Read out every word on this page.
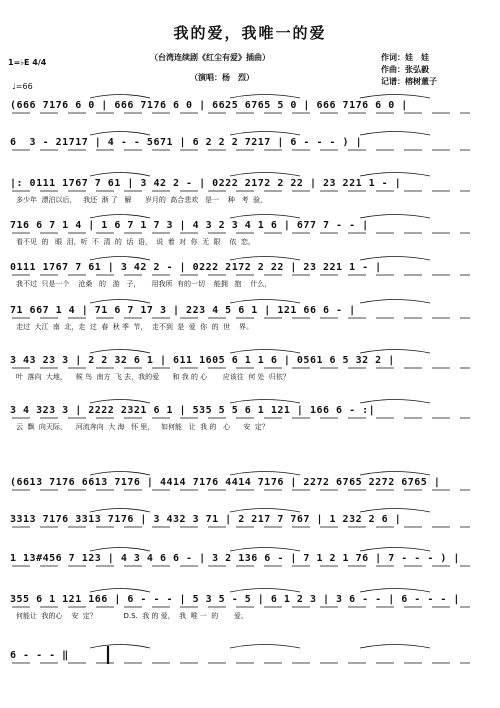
我的爱，我唯一的爱
（台湾连续剧《红尘有爱》插曲）
（演唱：杨　烈）
作词：娃　娃
作曲：张弘毅
记谱：榕树董子
1=♭E 4/4
♩=66
(666 7176 6 0 | 666 7176 6 0 | 6625 6765 5 0 | 666 7176 6 0 |
6  3 - 21717 | 4 - - 5671 | 6 2 2 2 7217 | 6 - - - ) |
|: 0111 1767 7 61 | 3 42 2 - | 0222 2172 2 22 | 23 221 1 - |
多少年  漂泊以后，   我还  渐 了   解      岁月的  高合悲欢   是一    种   考  验，
716 6 7 1 4 | 1 6 7 1 7 3 | 4 3 2 3 4 1 6 | 677 7 - - |
看不见  的   眼  泪，听  不  清  的  话  语，  说  着  对  你  无  限    依  恋。
0111 1767 7 61 | 3 42 2 - | 0222 2172 2 22 | 23 221 1 - |
我不过  只是一个    沧桑   的   游   子，     用我所  有的一切    能拥   抱    什么，
71 667 1 4 | 71 6 7 17 3 | 223 4 5 6 1 | 121 66 6 - |
走过  大江  南  北，走  过  春  秋 季  节，  走不到  是  爱  你  的  世    界。
3 43 23 3 | 2 2 32 6 1 | 611 1605 6 1 1 6 | 0561 6 5 32 2 |
叶  落向  大地，    候 鸟  南方  飞 去，我的爱      和 我 的 心       应该往  何 处  归依？
3 4 323 3 | 2222 2321 6 1 | 535 5 5 6 1 121 | 166 6 - :|
云  飘  向天际，    河流奔向  大 海   怀 里，   如何能   让  我 的   心      安  定？
(6613 7176 6613 7176 | 4414 7176 4414 7176 | 2272 6765 2272 6765 |
3313 7176 3313 7176 | 3 432 3 71 | 2 217 7 767 | 1 232 2 6 |
1 13#456 7 123 | 4 3 4 6 6 - | 3 2 136 6 - | 7 1 2 1 76 | 7 - - - ) |
355 6 1 121 166 | 6 - - - | 5 3 5 - 5 | 6 1 2 3 | 3 6 - - | 6 - - - |
何能让  我的心    安  定？            D.S.  我 的 爱，  我  唯 一  的       爱。
6 - - - ‖
